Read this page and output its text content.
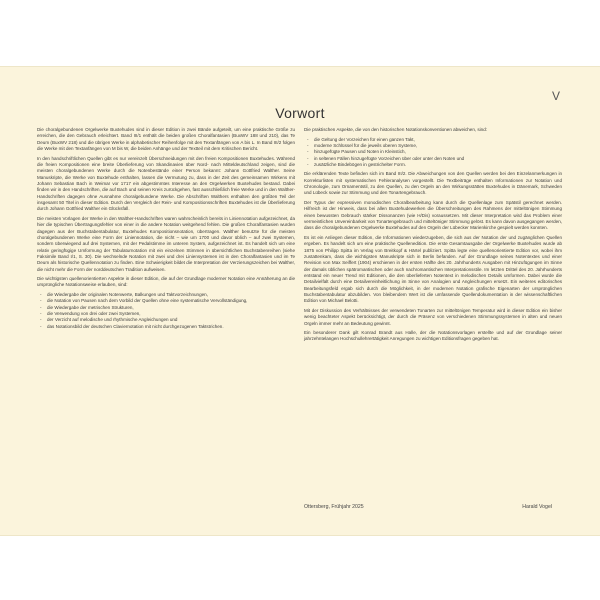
V
Vorwort

Die choralgebundenen Orgelwerke Buxtehudes sind in dieser Edition in zwei Bände aufgeteilt, um eine praktische Größe zu erreichen, die den Gebrauch erleichtert. Band III/1 enthält die beiden großen Choralfantasien (BuxWV 188 und 210), das Te Deum (BuxWV 218) und die übrigen Werke in alphabetischer Reihenfolge mit den Textanfängen von A bis L. In Band III/2 folgen die Werke mit den Textanfängen von M bis W, die beiden Anhänge und der Textteil mit dem Kritischen Bericht.

In den handschriftlichen Quellen gibt es nur vereinzelt Überschneidungen mit den freien Kompositionen Buxtehudes. Während die freien Kompositionen eine breite Überlieferung von Skandinavien über Nord- nach Mitteldeutschland zeigen, sind die meisten choralgebundenen Werke durch die Notenbestände einer Person bekannt: Johann Gottfried Walther. Seine Manuskripte, die Werke von Buxtehude enthalten, lassen die Vermutung zu, dass in der Zeit des gemeinsamen Wirkens mit Johann Sebastian Bach in Weimar vor 1717 ein abgestimmtes Interesse an den Orgelwerken Buxtehudes bestand. Dabei finden wir in den Handschriften, die auf Bach und seinen Kreis zurückgehen, fast ausschließlich freie Werke und in den Walther-Handschriften dagegen ohne Ausnahme choralgebundene Werke. Die Abschriften Walthers enthalten den größten Teil der insgesamt 50 Titel in dieser Edition. Durch den Vergleich der Rein- und Kompositionsschriften Buxtehudes ist die Überlieferung durch Johann Gottfried Walther ein Glücksfall.

Die meisten Vorlagen der Werke in den Walther-Handschriften waren wahrscheinlich bereits in Liniennotation aufgezeichnet, da hier die typischen Übertragungsfehler von einer in die andere Notation weitgehend fehlen. Die großen Choralfantasien wurden dagegen aus der Buchstabentabulatur, Buxtehudes Kompositionsnotation, übertragen. Walther benutzte für die meisten choralgebundenen Werke eine Form der Liniennotation, die nicht – wie um 1700 und davor üblich – auf zwei Systemen, sondern überwiegend auf drei Systemen, mit der Pedalstimme im unteren System, aufgezeichnet ist. Es handelt sich um eine relativ geringfügige Umformung der Tabulaturnotation mit ein einzelnen Stimmen in übersichtlichen Buchstabenreihen (siehe Faksimile Band I/1, S. 30). Die wechselnde Notation mit zwei und drei Liniensystemen ist in den Choralfantasien und im Te Deum als historische Quellennotation zu finden. Eine Schwierigkeit bildet die Interpretation der Verzierungszeichen bei Walther, die nicht mehr die Form der norddeutschen Tradition aufweisen.

Die wichtigsten quellenorientierten Aspekte in dieser Edition, die auf der Grundlage moderner Notation eine Annäherung an die ursprüngliche Notationsweise erlauben, sind:

- die Wiedergabe der originalen Notenwerte, Balkungen und Taktvorzeichnungen,
- die Notation von Pausen nach dem Vorbild der Quellen ohne eine systematische Vervollständigung,
- die Wiedergabe der metrischen Strukturen,
- die Verwendung von drei oder zwei Systemen,
- der Verzicht auf melodische und rhythmische Angleichungen und
- das Notationsbild der deutschen Claviernotation mit nicht durchgezogenen Taktstrichen.

Die praktischen Aspekte, die von den historischen Notationskonventionen abweichen, sind:

- die Geltung der Vorzeichen für einen ganzen Takt,
- moderne Schlüssel für die jeweils oberen Systeme,
- hinzugefügte Pausen und Noten in Kleinstich,
- in seltenen Fällen hinzugefügte Vorzeichen über oder unter den Noten und
- zusätzliche Bindebögen in gestrichelter Form.

Die erklärenden Texte befinden sich im Band III/2. Die Abweichungen von den Quellen werden bei den Einzelanmerkungen in Korrekturlisten mit systematischen Fehleranalysen vorgestellt. Die Textbeiträge enthalten Informationen zur Notation und Chronologie, zum Ornamentstil, zu den Quellen, zu den Orgeln an den Wirkungsstätten Buxtehudes in Dänemark, Schweden und Lübeck sowie zur Stimmung und den Tonartengebrauch.

Der Typus der expressiven monodischen Choralbearbeitung kann durch die Quellenlage zum Spätstil gerechnet werden. Hilfreich ist der Hinweis, dass bei allen Buxtehudewerken die Überschreitungen des Rahmens der mitteltönigen Stimmung einen bewussten Gebrauch stärker Dissonanzen (wie H/Dis) voraussetzen. Mit dieser Interpretation wird das Problem einer vermeintlichen Unvereinbarkeit von Tonartengebrauch und mitteltöniger Stimmung gelöst. Es kann davon ausgegangen werden, dass die choralgebundenen Orgelwerke Buxtehudes auf den Orgeln der Lübecker Marienkirche gespielt werden konnten.

Es ist ein Anliegen dieser Edition, die Informationen wiederzugeben, die sich aus der Notation der und zugänglichen Quellen ergeben. Es handelt sich um eine praktische Quellenedition. Die erste Gesamtausgabe der Orgelwerke Buxtehudes wurde ab 1875 von Philipp Spitta im Verlag von Breitkopf & Härtel publiziert. Spitta legte eine quellenorientierte Edition vor, wobei ihm zustattenkam, dass die wichtigsten Manuskripte sich in Berlin befanden. Auf der Grundlage seines Notentextes und einer Revision von Max Seiffert (1904) erschienen in der ersten Hälfte des 20. Jahrhunderts Ausgaben mit Hinzufügungen im Sinne der damals üblichen spätromantischen oder auch nachromantischen Interpretationsstile. Im letzten Drittel des 20. Jahrhunderts entstand ein neuer Trend mit Editionen, die den überlieferten Notentext in melodischen Details umformen. Dabei wurde die Detailvielfalt durch eine Detailvereinheitlichung im Sinne von Analogien und Angleichungen ersetzt. Ein weiteres editorisches Bearbeitungsfeld ergab sich durch die Möglichkeit, in der modernen Notation grafische Eigenarten der ursprünglichen Buchstabentabulatur abzubilden. Von bleibendem Wert ist die umfassende Quellendokumentation in der wissenschaftlichen Edition von Michael Belotti.

Mit der Diskussion des Verhältnisses der verwendeten Tonarten zur mitteltönigen Temperatur wird in dieser Edition ein bisher wenig beachteter Aspekt berücksichtigt, der durch die Präsenz von verschiedenen Stimmungssystemen in alten und neuen Orgeln immer mehr an Bedeutung gewinnt.

Ein besonderer Dank gilt Konrad Brandt aus Halle, der die Notationsvorlagen erstellte und auf der Grundlage seiner jahrzehntelangen Hochschullehrertätigkeit Anregungen zu wichtigen Editionsfragen gegeben hat.

Ottersberg, Frühjahr 2025	Harald Vogel
